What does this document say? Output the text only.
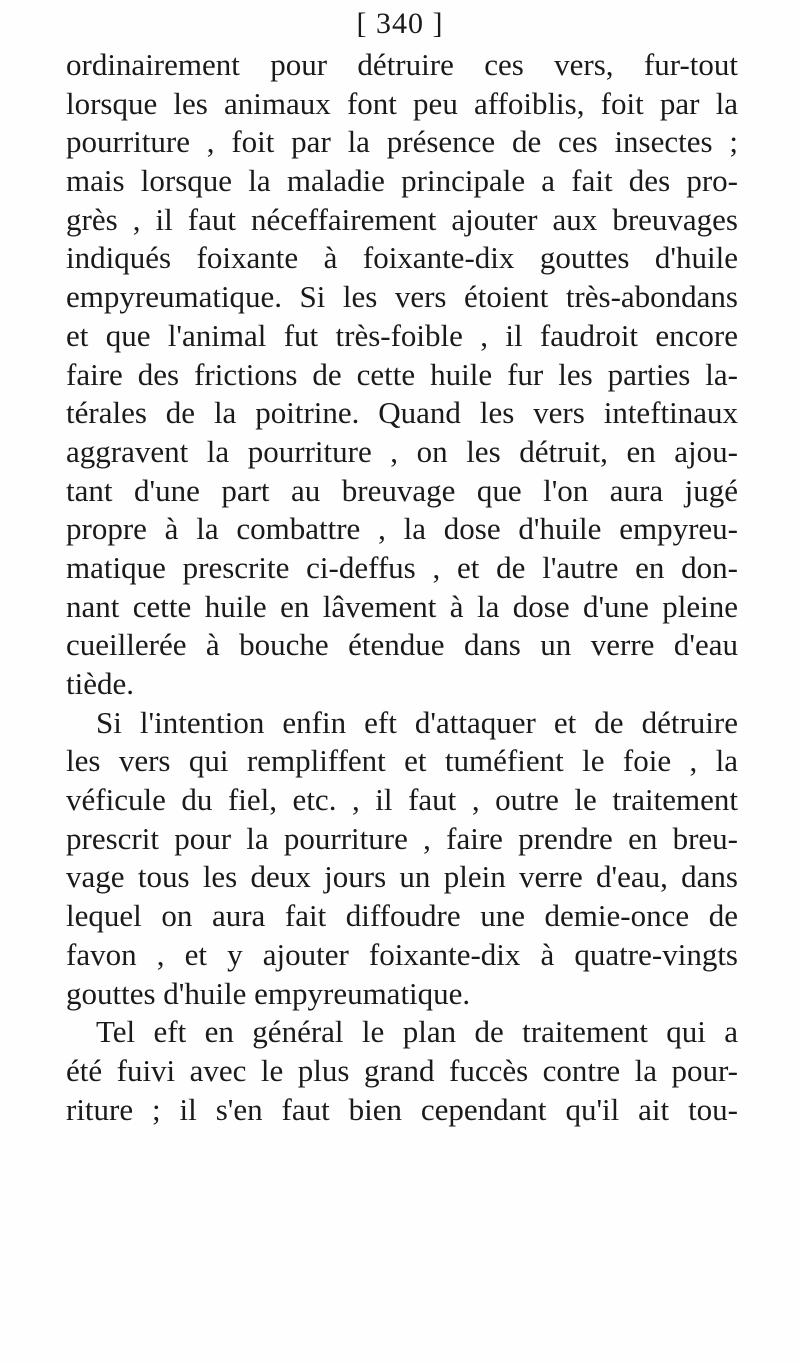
[ 340 ]
ordinairement pour détruire ces vers, fur-tout
lorsque les animaux font peu affoiblis, foit par la
pourriture , foit par la présence de ces insectes ;
mais lorsque la maladie principale a fait des pro-
grès , il faut néceffairement ajouter aux breuvages
indiqués foixante à foixante-dix gouttes d'huile
empyreumatique. Si les vers étoient très-abondans
et que l'animal fut très-foible , il faudroit encore
faire des frictions de cette huile fur les parties la-
térales de la poitrine. Quand les vers inteftinaux
aggravent la pourriture , on les détruit, en ajou-
tant d'une part au breuvage que l'on aura jugé
propre à la combattre , la dose d'huile empyreu-
matique prescrite ci-deffus , et de l'autre en don-
nant cette huile en lâvement à la dose d'une pleine
cueillerée à bouche étendue dans un verre d'eau
tiède.
Si l'intention enfin eft d'attaquer et de détruire
les vers qui rempliffent et tuméfient le foie , la
véficule du fiel, etc. , il faut , outre le traitement
prescrit pour la pourriture , faire prendre en breu-
vage tous les deux jours un plein verre d'eau, dans
lequel on aura fait diffoudre une demie-once de
favon , et y ajouter foixante-dix à quatre-vingts
gouttes d'huile empyreumatique.
Tel eft en général le plan de traitement qui a
été fuivi avec le plus grand fuccès contre la pour-
riture ; il s'en faut bien cependant qu'il ait tou-
